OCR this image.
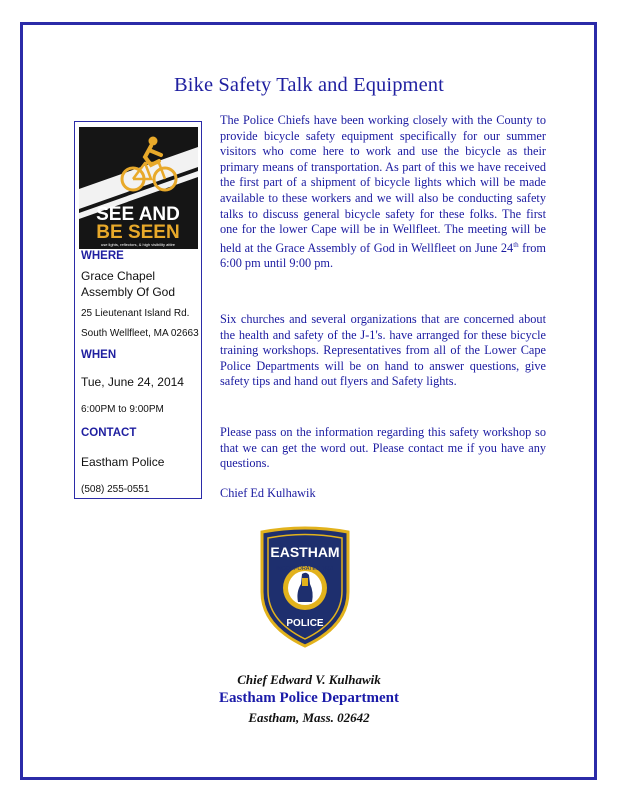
Bike Safety Talk and Equipment
SEE AND
BE SEEN
use lights, reflectors, & high visibility attire
WHERE
Grace Chapel
Assembly Of God
25 Lieutenant Island Rd.
South Wellfleet, MA 02663
WHEN
Tue, June 24, 2014
6:00PM to 9:00PM
CONTACT
Eastham Police
(508) 255-0551

The Police Chiefs have been working closely with the County to provide bicycle safety equipment specifically for our summer visitors who come here to work and use the bicycle as their primary means of transportation. As part of this we have received the first part of a shipment of bicycle lights which will be made available to these workers and we will also be conducting safety talks to discuss general bicycle safety for these folks. The first one for the lower Cape will be in Wellfleet. The meeting will be held at the Grace Assembly of God in Wellfleet on June 24th from 6:00 pm until 9:00 pm.

Six churches and several organizations that are concerned about the health and safety of the J-1's. have arranged for these bicycle training workshops. Representatives from all of the Lower Cape Police Departments will be on hand to answer questions, give safety tips and hand out flyers and Safety lights.

Please pass on the information regarding this safety workshop so that we can get the word out. Please contact me if you have any questions.

Chief Ed Kulhawik
EASTHAM
INCORPORATED 1651
POLICE
Chief Edward V. Kulhawik
Eastham Police Department
Eastham, Mass. 02642
